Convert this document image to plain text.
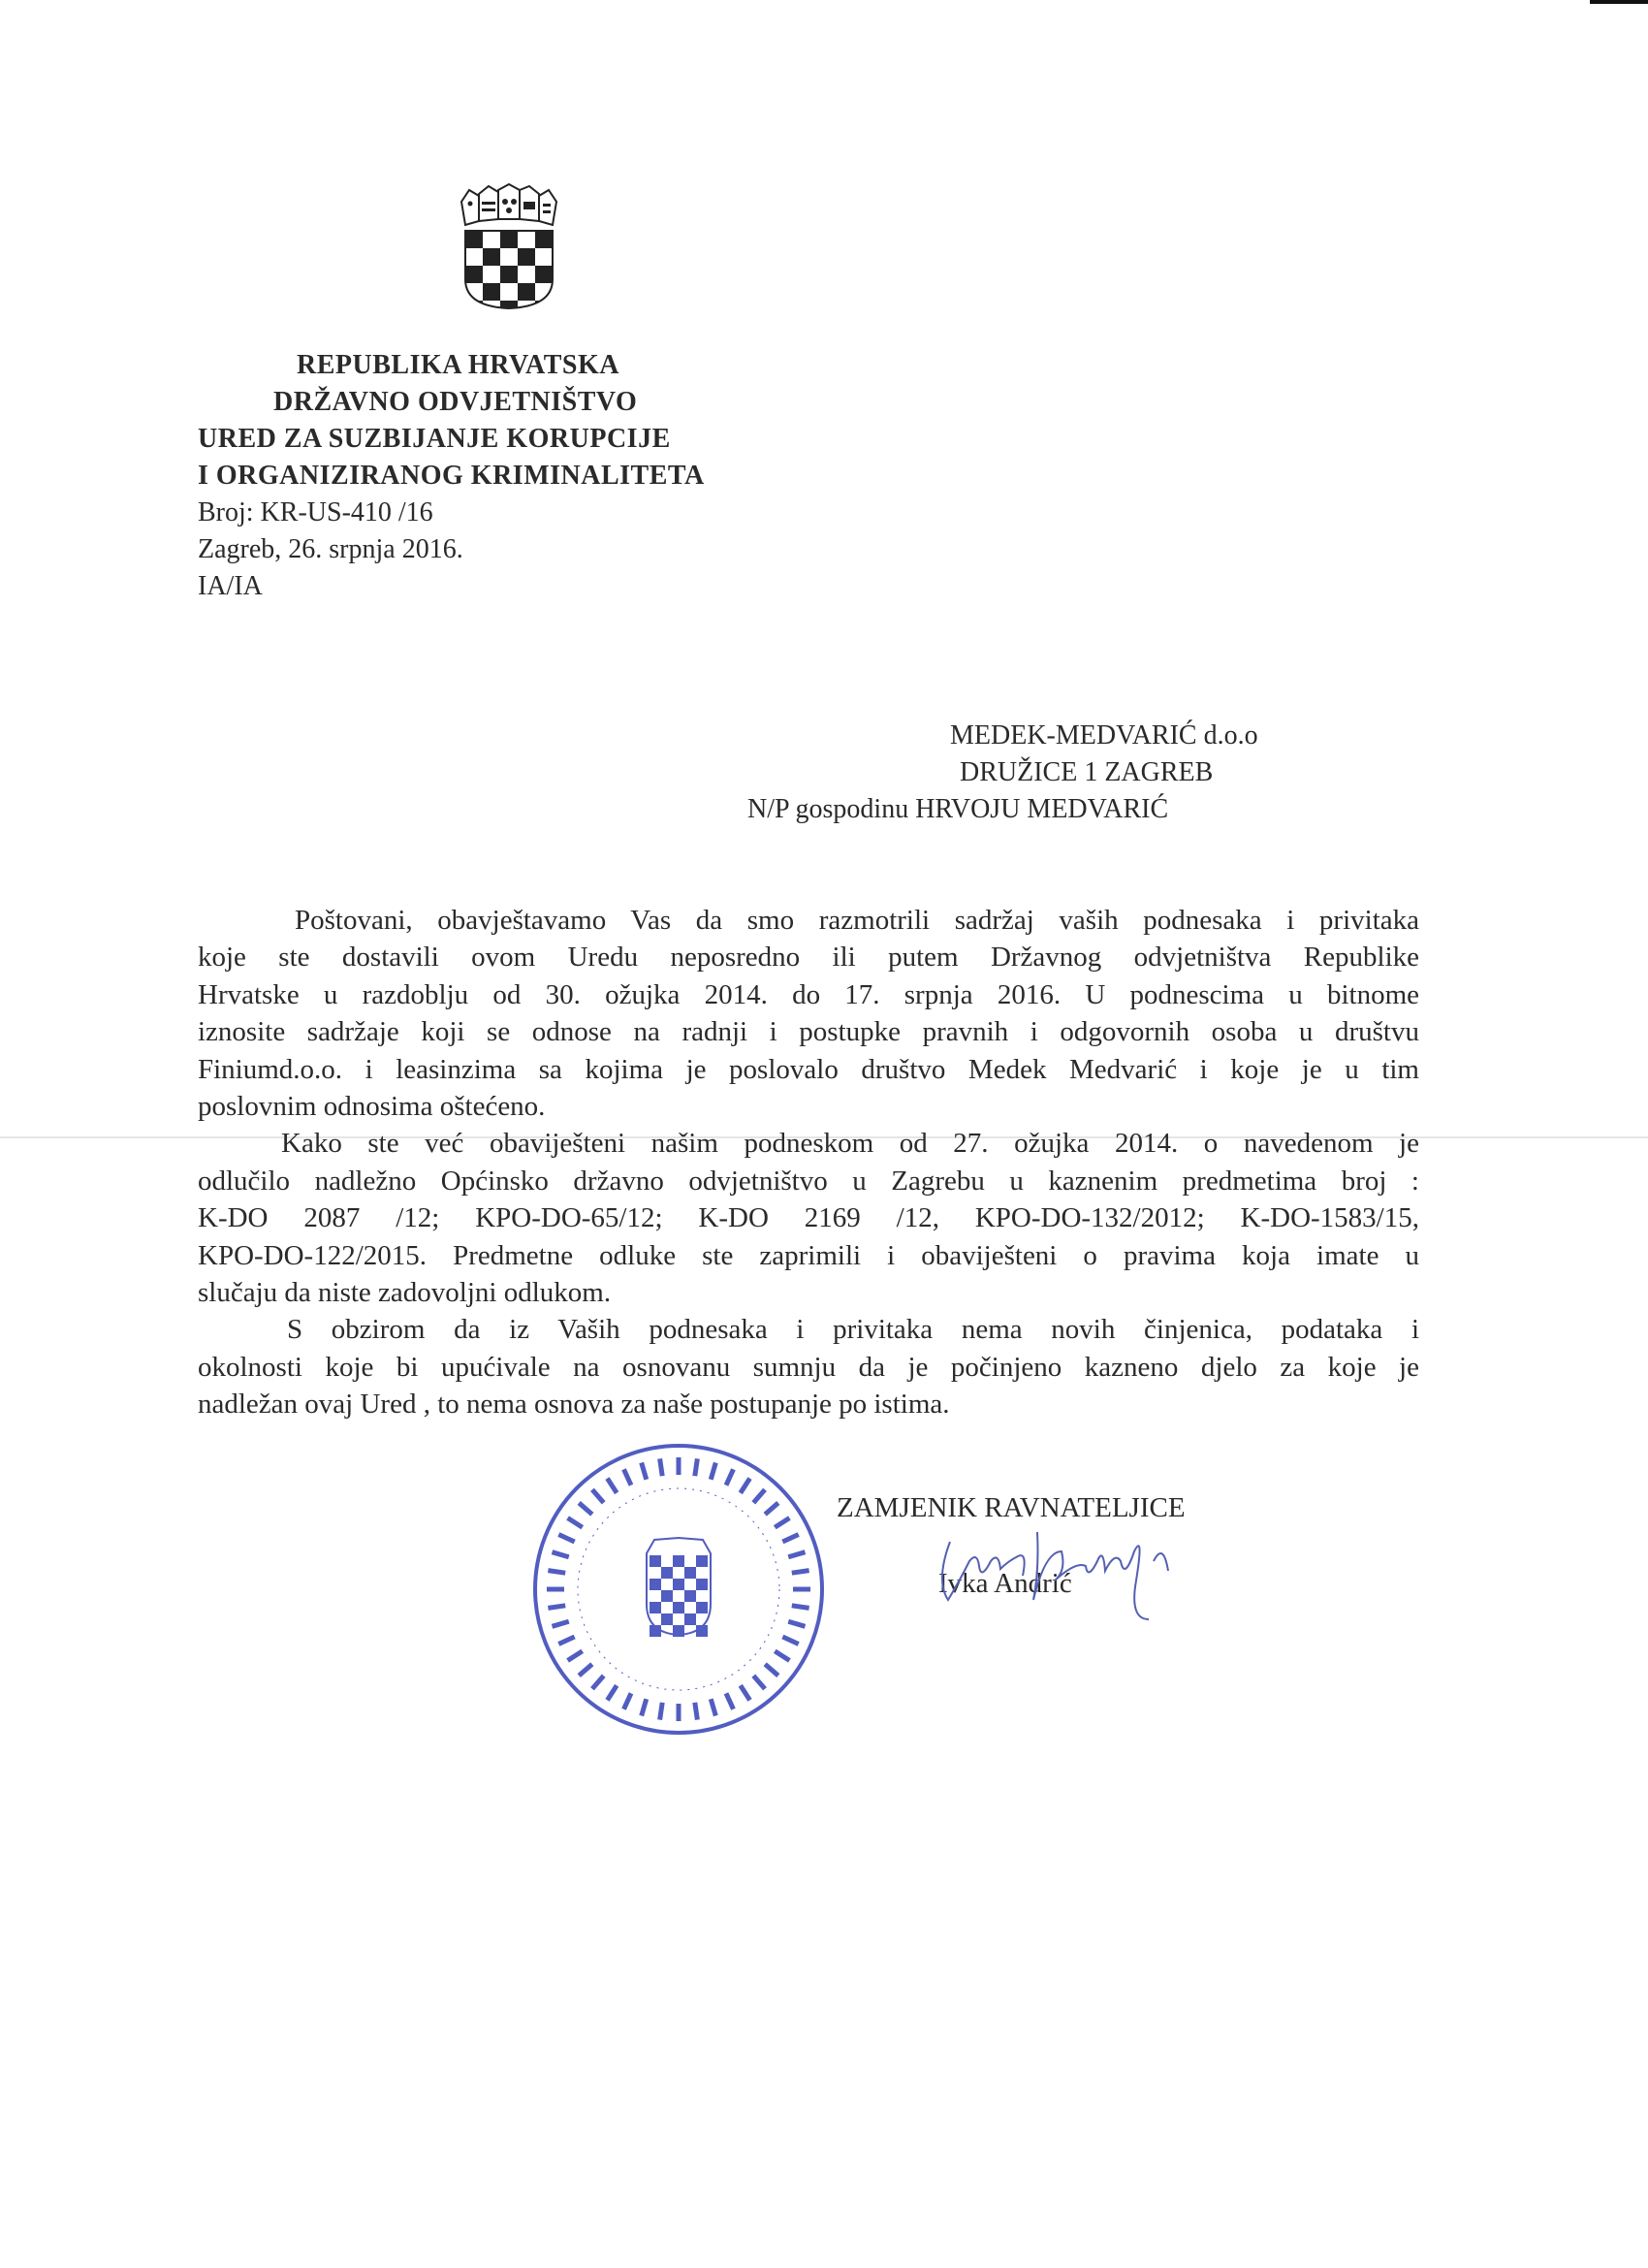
REPUBLIKA HRVATSKA
DRŽAVNO ODVJETNIŠTVO
URED ZA SUZBIJANJE KORUPCIJE
I ORGANIZIRANOG KRIMINALITETA
Broj: KR-US-410 /16
Zagreb, 26. srpnja 2016.
IA/IA
MEDEK-MEDVARIĆ d.o.o
DRUŽICE 1 ZAGREB
N/P gospodinu HRVOJU MEDVARIĆ
Poštovani, obavještavamo Vas da smo razmotrili sadržaj vaših podnesaka i privitaka
koje ste dostavili ovom Uredu neposredno ili putem Državnog odvjetništva Republike
Hrvatske u razdoblju od 30. ožujka 2014. do 17. srpnja 2016. U podnescima u bitnome
iznosite sadržaje koji se odnose na radnji i postupke pravnih i odgovornih osoba u društvu
Finiumd.o.o. i leasinzima sa kojima je poslovalo društvo Medek Medvarić i koje je u tim
poslovnim odnosima oštećeno.
Kako ste već obaviješteni našim podneskom od 27. ožujka 2014. o navedenom je
odlučilo nadležno Općinsko državno odvjetništvo u Zagrebu u kaznenim predmetima broj :
K-DO 2087 /12; KPO-DO-65/12; K-DO 2169 /12, KPO-DO-132/2012; K-DO-1583/15,
KPO-DO-122/2015. Predmetne odluke ste zaprimili i obaviješteni o pravima koja imate u
slučaju da niste zadovoljni odlukom.
S obzirom da iz Vaših podnesaka i privitaka nema novih činjenica, podataka i
okolnosti koje bi upućivale na osnovanu sumnju da je počinjeno kazneno djelo za koje je
nadležan ovaj Ured , to nema osnova za naše postupanje po istima.
ZAMJENIK RAVNATELJICE
Ivka Andrić
